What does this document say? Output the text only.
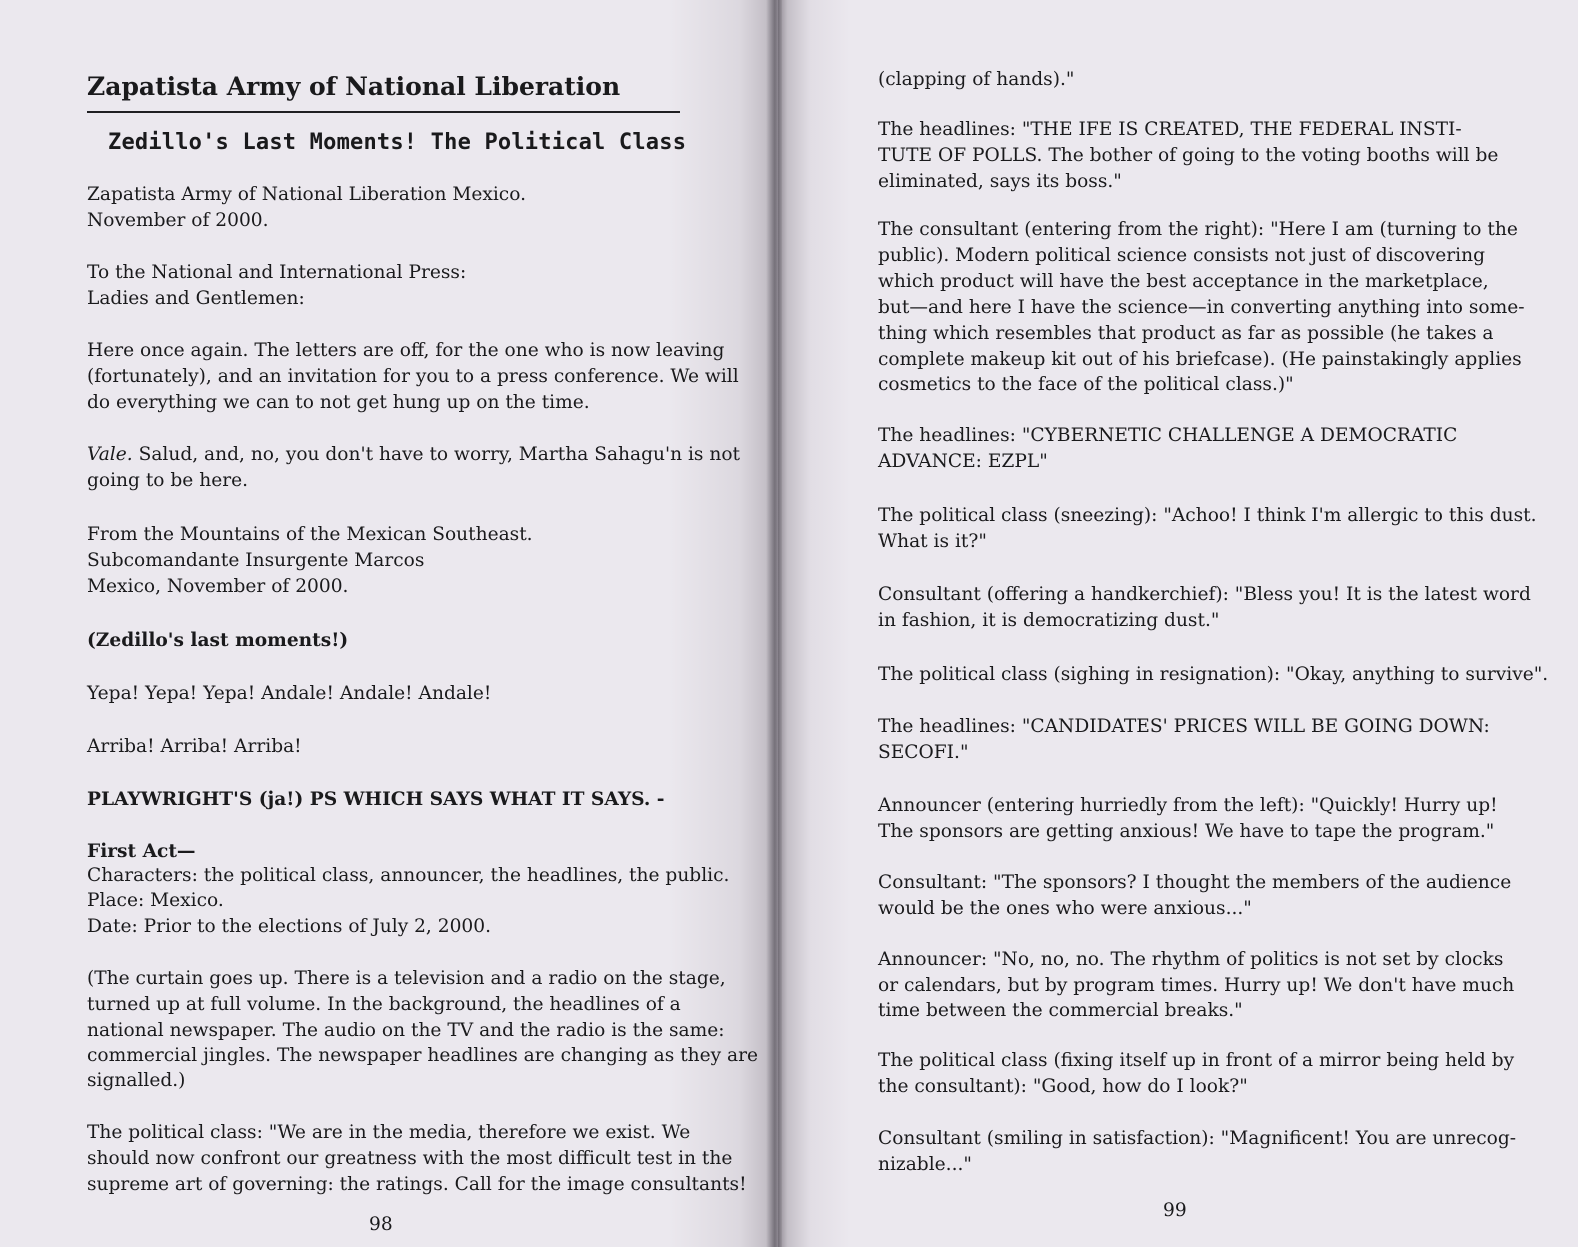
Zapatista Army of National Liberation
Zedillo's Last Moments! The Political Class
Zapatista Army of National Liberation Mexico.
November of 2000.
To the National and International Press:
Ladies and Gentlemen:
Here once again. The letters are off, for the one who is now leaving
(fortunately), and an invitation for you to a press conference. We will
do everything we can to not get hung up on the time.
Vale. Salud, and, no, you don't have to worry, Martha Sahagu'n is not
going to be here.
From the Mountains of the Mexican Southeast.
Subcomandante Insurgente Marcos
Mexico, November of 2000.
(Zedillo's last moments!)
Yepa! Yepa! Yepa! Andale! Andale! Andale!
Arriba! Arriba! Arriba!
PLAYWRIGHT'S (ja!) PS WHICH SAYS WHAT IT SAYS. -
First Act—
Characters: the political class, announcer, the headlines, the public.
Place: Mexico.
Date: Prior to the elections of July 2, 2000.
(The curtain goes up. There is a television and a radio on the stage,
turned up at full volume. In the background, the headlines of a
national newspaper. The audio on the TV and the radio is the same:
commercial jingles. The newspaper headlines are changing as they are
signalled.)
The political class: "We are in the media, therefore we exist. We
should now confront our greatness with the most difficult test in the
supreme art of governing: the ratings. Call for the image consultants!
98
(clapping of hands)."
The headlines: "THE IFE IS CREATED, THE FEDERAL INSTI-
TUTE OF POLLS. The bother of going to the voting booths will be
eliminated, says its boss."
The consultant (entering from the right): "Here I am (turning to the
public). Modern political science consists not just of discovering
which product will have the best acceptance in the marketplace,
but—and here I have the science—in converting anything into some-
thing which resembles that product as far as possible (he takes a
complete makeup kit out of his briefcase). (He painstakingly applies
cosmetics to the face of the political class.)"
The headlines: "CYBERNETIC CHALLENGE A DEMOCRATIC
ADVANCE: EZPL"
The political class (sneezing): "Achoo! I think I'm allergic to this dust.
What is it?"
Consultant (offering a handkerchief): "Bless you! It is the latest word
in fashion, it is democratizing dust."
The political class (sighing in resignation): "Okay, anything to survive".
The headlines: "CANDIDATES' PRICES WILL BE GOING DOWN:
SECOFI."
Announcer (entering hurriedly from the left): "Quickly! Hurry up!
The sponsors are getting anxious! We have to tape the program."
Consultant: "The sponsors? I thought the members of the audience
would be the ones who were anxious..."
Announcer: "No, no, no. The rhythm of politics is not set by clocks
or calendars, but by program times. Hurry up! We don't have much
time between the commercial breaks."
The political class (fixing itself up in front of a mirror being held by
the consultant): "Good, how do I look?"
Consultant (smiling in satisfaction): "Magnificent! You are unrecog-
nizable..."
99
